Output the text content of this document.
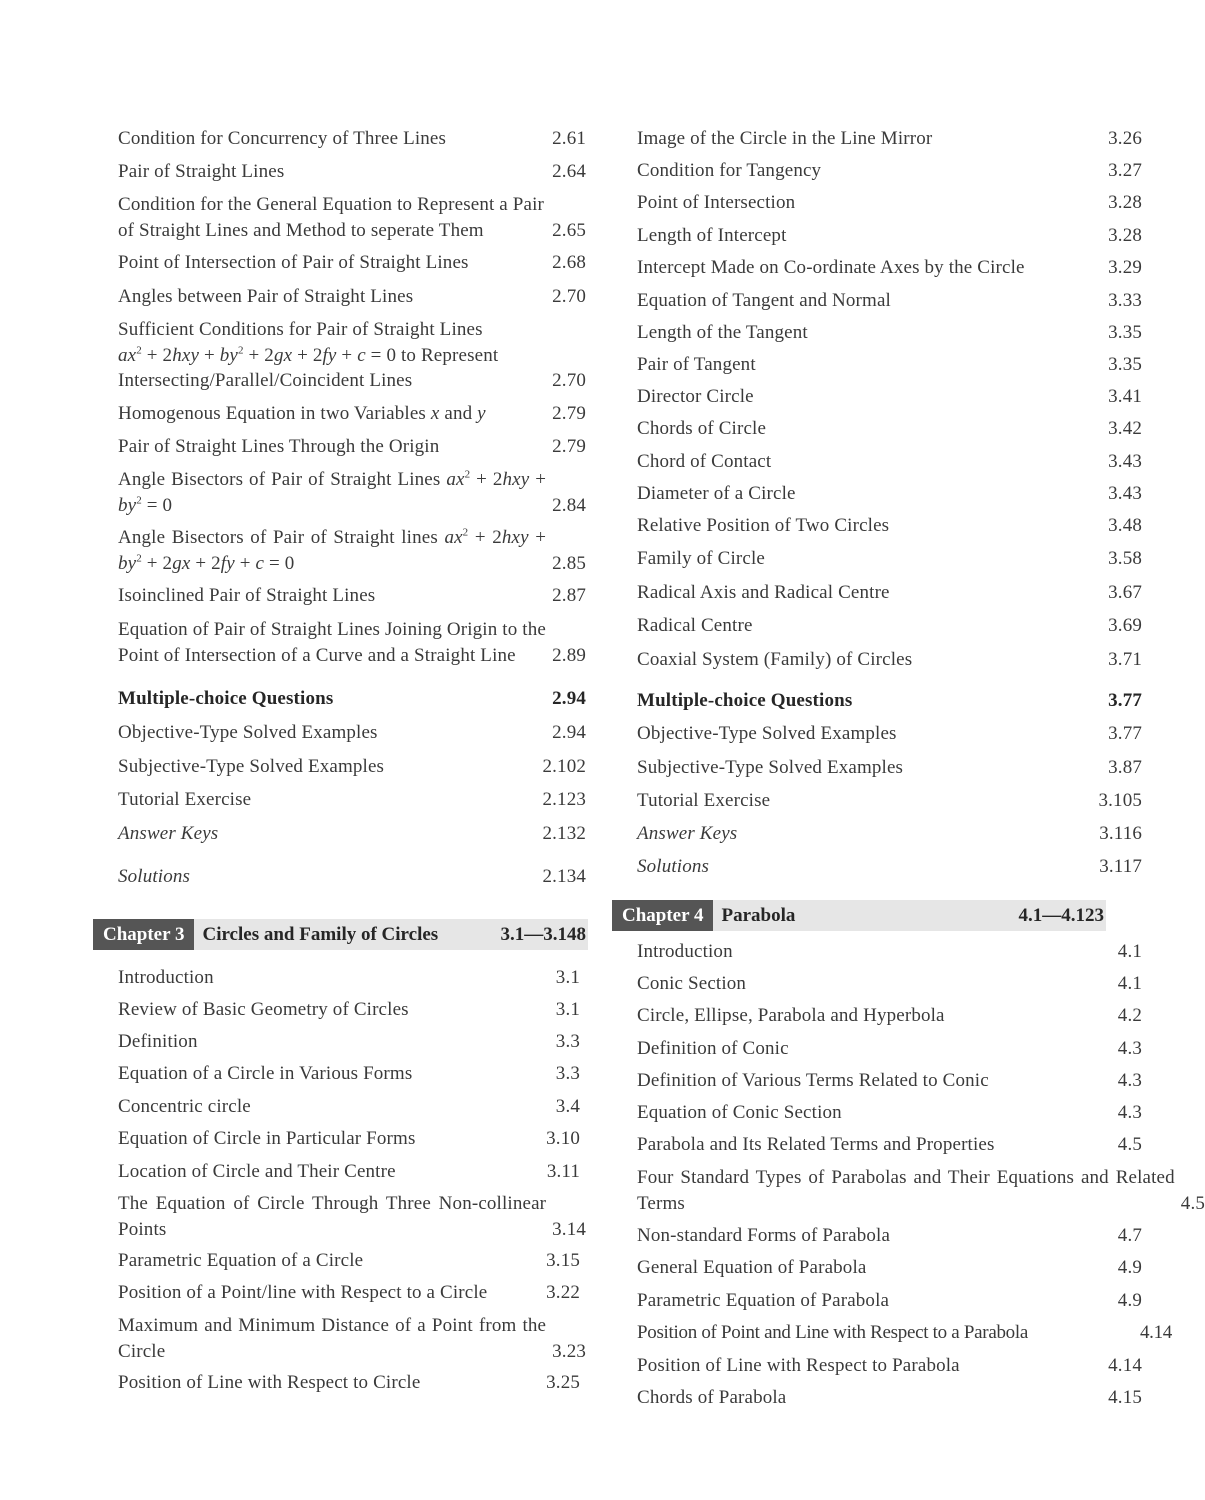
Condition for Concurrency of Three Lines	2.61
Pair of Straight Lines	2.64
Condition for the General Equation to Represent a Pair of Straight Lines and Method to seperate Them	2.65
Point of Intersection of Pair of Straight Lines	2.68
Angles between Pair of Straight Lines	2.70
Sufficient Conditions for Pair of Straight Lines
$ax^2 + 2hxy + by^2 + 2gx + 2fy + c = 0$ to Represent
Intersecting/Parallel/Coincident Lines	2.70
Homogenous Equation in two Variables x and y	2.79
Pair of Straight Lines Through the Origin	2.79
Angle Bisectors of Pair of Straight Lines $ax^2 + 2hxy + by^2 = 0$	2.84
Angle Bisectors of Pair of Straight lines $ax^2 + 2hxy + by^2 + 2gx + 2fy + c = 0$	2.85
Isoinclined Pair of Straight Lines	2.87
Equation of Pair of Straight Lines Joining Origin to the Point of Intersection of a Curve and a Straight Line	2.89
Multiple-choice Questions	2.94
Objective-Type Solved Examples	2.94
Subjective-Type Solved Examples	2.102
Tutorial Exercise	2.123
Answer Keys	2.132
Solutions	2.134
Chapter 3 Circles and Family of Circles	3.1—3.148
Introduction	3.1
Review of Basic Geometry of Circles	3.1
Definition	3.3
Equation of a Circle in Various Forms	3.3
Concentric circle	3.4
Equation of Circle in Particular Forms	3.10
Location of Circle and Their Centre	3.11
The Equation of Circle Through Three Non-collinear Points	3.14
Parametric Equation of a Circle	3.15
Position of a Point/line with Respect to a Circle	3.22
Maximum and Minimum Distance of a Point from the Circle	3.23
Position of Line with Respect to Circle	3.25
Image of the Circle in the Line Mirror	3.26
Condition for Tangency	3.27
Point of Intersection	3.28
Length of Intercept	3.28
Intercept Made on Co-ordinate Axes by the Circle	3.29
Equation of Tangent and Normal	3.33
Length of the Tangent	3.35
Pair of Tangent	3.35
Director Circle	3.41
Chords of Circle	3.42
Chord of Contact	3.43
Diameter of a Circle	3.43
Relative Position of Two Circles	3.48
Family of Circle	3.58
Radical Axis and Radical Centre	3.67
Radical Centre	3.69
Coaxial System (Family) of Circles	3.71
Multiple-choice Questions	3.77
Objective-Type Solved Examples	3.77
Subjective-Type Solved Examples	3.87
Tutorial Exercise	3.105
Answer Keys	3.116
Solutions	3.117
Chapter 4 Parabola	4.1—4.123
Introduction	4.1
Conic Section	4.1
Circle, Ellipse, Parabola and Hyperbola	4.2
Definition of Conic	4.3
Definition of Various Terms Related to Conic	4.3
Equation of Conic Section	4.3
Parabola and Its Related Terms and Properties	4.5
Four Standard Types of Parabolas and Their Equations and Related Terms	4.5
Non-standard Forms of Parabola	4.7
General Equation of Parabola	4.9
Parametric Equation of Parabola	4.9
Position of Point and Line with Respect to a Parabola	4.14
Position of Line with Respect to Parabola	4.14
Chords of Parabola	4.15
